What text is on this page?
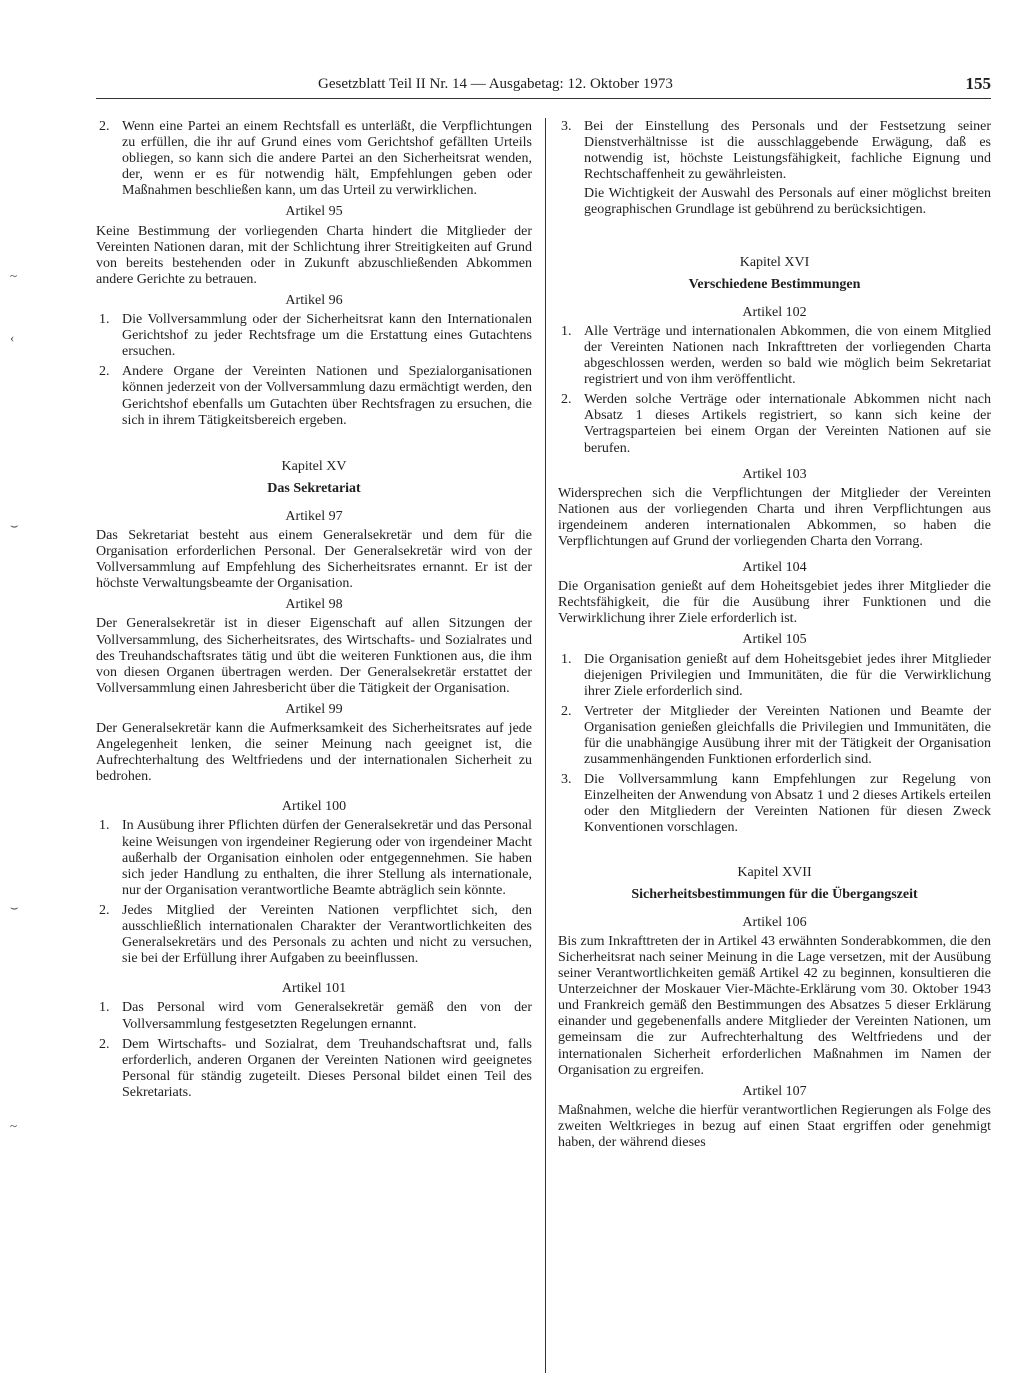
Gesetzblatt Teil II Nr. 14 — Ausgabetag: 12. Oktober 1973	155
~
‹
⌣
⌣
~
2. Wenn eine Partei an einem Rechtsfall es unterläßt, die Verpflichtungen zu erfüllen, die ihr auf Grund eines vom Gerichtshof gefällten Urteils obliegen, so kann sich die andere Partei an den Sicherheitsrat wenden, der, wenn er es für notwendig hält, Empfehlungen geben oder Maßnahmen beschließen kann, um das Urteil zu verwirklichen.
Artikel 95

Keine Bestimmung der vorliegenden Charta hindert die Mitglieder der Vereinten Nationen daran, mit der Schlichtung ihrer Streitigkeiten auf Grund von bereits bestehenden oder in Zukunft abzuschließenden Abkommen andere Gerichte zu betrauen.

Artikel 96
1. Die Vollversammlung oder der Sicherheitsrat kann den Internationalen Gerichtshof zu jeder Rechtsfrage um die Erstattung eines Gutachtens ersuchen.
2. Andere Organe der Vereinten Nationen und Spezialorganisationen können jederzeit von der Vollversammlung dazu ermächtigt werden, den Gerichtshof ebenfalls um Gutachten über Rechtsfragen zu ersuchen, die sich in ihrem Tätigkeitsbereich ergeben.
Kapitel XV
Das Sekretariat
Artikel 97

Das Sekretariat besteht aus einem Generalsekretär und dem für die Organisation erforderlichen Personal. Der Generalsekretär wird von der Vollversammlung auf Empfehlung des Sicherheitsrates ernannt. Er ist der höchste Verwaltungsbeamte der Organisation.

Artikel 98

Der Generalsekretär ist in dieser Eigenschaft auf allen Sitzungen der Vollversammlung, des Sicherheitsrates, des Wirtschafts- und Sozialrates und des Treuhandschaftsrates tätig und übt die weiteren Funktionen aus, die ihm von diesen Organen übertragen werden. Der Generalsekretär erstattet der Vollversammlung einen Jahresbericht über die Tätigkeit der Organisation.

Artikel 99

Der Generalsekretär kann die Aufmerksamkeit des Sicherheitsrates auf jede Angelegenheit lenken, die seiner Meinung nach geeignet ist, die Aufrechterhaltung des Weltfriedens und der internationalen Sicherheit zu bedrohen.

Artikel 100
1. In Ausübung ihrer Pflichten dürfen der Generalsekretär und das Personal keine Weisungen von irgendeiner Regierung oder von irgendeiner Macht außerhalb der Organisation einholen oder entgegennehmen. Sie haben sich jeder Handlung zu enthalten, die ihrer Stellung als internationale, nur der Organisation verantwortliche Beamte abträglich sein könnte.
2. Jedes Mitglied der Vereinten Nationen verpflichtet sich, den ausschließlich internationalen Charakter der Verantwortlichkeiten des Generalsekretärs und des Personals zu achten und nicht zu versuchen, sie bei der Erfüllung ihrer Aufgaben zu beeinflussen.
Artikel 101
1. Das Personal wird vom Generalsekretär gemäß den von der Vollversammlung festgesetzten Regelungen ernannt.
2. Dem Wirtschafts- und Sozialrat, dem Treuhandschaftsrat und, falls erforderlich, anderen Organen der Vereinten Nationen wird geeignetes Personal für ständig zugeteilt. Dieses Personal bildet einen Teil des Sekretariats.
3. Bei der Einstellung des Personals und der Festsetzung seiner Dienstverhältnisse ist die ausschlaggebende Erwägung, daß es notwendig ist, höchste Leistungsfähigkeit, fachliche Eignung und Rechtschaffenheit zu gewährleisten.
Die Wichtigkeit der Auswahl des Personals auf einer möglichst breiten geographischen Grundlage ist gebührend zu berücksichtigen.
Kapitel XVI
Verschiedene Bestimmungen
Artikel 102
1. Alle Verträge und internationalen Abkommen, die von einem Mitglied der Vereinten Nationen nach Inkrafttreten der vorliegenden Charta abgeschlossen werden, werden so bald wie möglich beim Sekretariat registriert und von ihm veröffentlicht.
2. Werden solche Verträge oder internationale Abkommen nicht nach Absatz 1 dieses Artikels registriert, so kann sich keine der Vertragsparteien bei einem Organ der Vereinten Nationen auf sie berufen.
Artikel 103

Widersprechen sich die Verpflichtungen der Mitglieder der Vereinten Nationen aus der vorliegenden Charta und ihren Verpflichtungen aus irgendeinem anderen internationalen Abkommen, so haben die Verpflichtungen auf Grund der vorliegenden Charta den Vorrang.

Artikel 104

Die Organisation genießt auf dem Hoheitsgebiet jedes ihrer Mitglieder die Rechtsfähigkeit, die für die Ausübung ihrer Funktionen und die Verwirklichung ihrer Ziele erforderlich ist.

Artikel 105
1. Die Organisation genießt auf dem Hoheitsgebiet jedes ihrer Mitglieder diejenigen Privilegien und Immunitäten, die für die Verwirklichung ihrer Ziele erforderlich sind.
2. Vertreter der Mitglieder der Vereinten Nationen und Beamte der Organisation genießen gleichfalls die Privilegien und Immunitäten, die für die unabhängige Ausübung ihrer mit der Tätigkeit der Organisation zusammenhängenden Funktionen erforderlich sind.
3. Die Vollversammlung kann Empfehlungen zur Regelung von Einzelheiten der Anwendung von Absatz 1 und 2 dieses Artikels erteilen oder den Mitgliedern der Vereinten Nationen für diesen Zweck Konventionen vorschlagen.
Kapitel XVII
Sicherheitsbestimmungen für die Übergangszeit
Artikel 106

Bis zum Inkrafttreten der in Artikel 43 erwähnten Sonderabkommen, die den Sicherheitsrat nach seiner Meinung in die Lage versetzen, mit der Ausübung seiner Verantwortlichkeiten gemäß Artikel 42 zu beginnen, konsultieren die Unterzeichner der Moskauer Vier-Mächte-Erklärung vom 30. Oktober 1943 und Frankreich gemäß den Bestimmungen des Absatzes 5 dieser Erklärung einander und gegebenenfalls andere Mitglieder der Vereinten Nationen, um gemeinsam die zur Aufrechterhaltung des Weltfriedens und der internationalen Sicherheit erforderlichen Maßnahmen im Namen der Organisation zu ergreifen.

Artikel 107

Maßnahmen, welche die hierfür verantwortlichen Regierungen als Folge des zweiten Weltkrieges in bezug auf einen Staat ergriffen oder genehmigt haben, der während dieses
